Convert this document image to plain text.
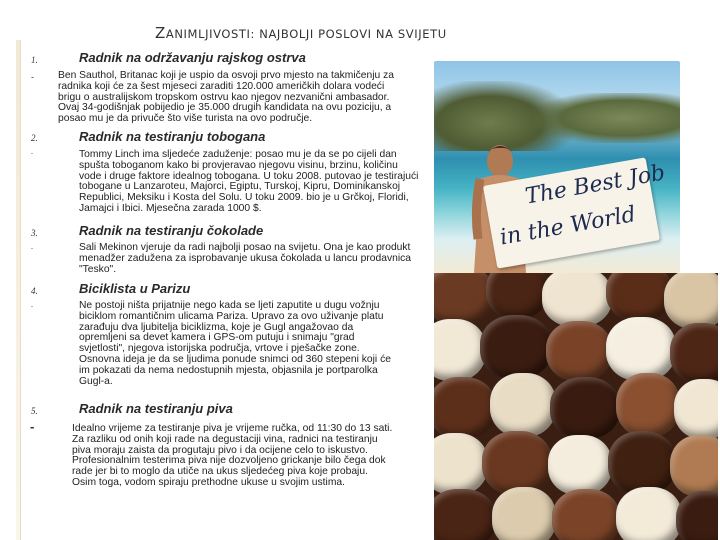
ZANIMLJIVOSTI: NAJBOLJI POSLOVI NA SVIJETU
1.	Radnik na održavanju rajskog ostrva
- Ben Sauthol, Britanac koji je uspio da osvoji prvo mjesto na takmičenju za
radnika koji će za šest mjeseci zaraditi 120.000 američkih dolara vodeći
brigu o australijskom tropskom ostrvu kao njegov nezvanični ambasador.
Ovaj 34-godišnjak pobijedio je 35.000 drugih kandidata na ovu poziciju, a
posao mu je da privuče što više turista na ovo područje.
2.	Radnik na testiranju tobogana
-	Tommy Linch ima sljedeće zaduženje: posao mu je da se po cijeli dan
spušta toboganom kako bi provjeravao njegovu visinu, brzinu, količinu
vode i druge faktore idealnog tobogana. U toku 2008. putovao je testirajući
tobogane u Lanzaroteu, Majorci, Egiptu, Turskoj, Kipru, Dominikanskoj
Republici, Meksiku i Kosta del Solu. U toku 2009. bio je u Grčkoj, Floridi,
Jamajci i Ibici. Mjesečna zarada 1000 $.
3.	Radnik na testiranju čokolade
-	Sali Mekinon vjeruje da radi najbolji posao na svijetu. Ona je kao produkt
menadžer zadužena za isprobavanje ukusa čokolada u lancu prodavnica
"Tesko".
4.	Biciklista u Parizu
-	Ne postoji ništa prijatnije nego kada se ljeti zaputite u dugu vožnju
biciklom romantičnim ulicama Pariza. Upravo za ovo uživanje platu
zarađuju dva ljubitelja biciklizma, koje je Gugl angažovao da
opremljeni sa devet kamera i GPS-om putuju i snimaju "grad
svjetlosti", njegova istorijska područja, vrtove i pješačke zone.
Osnovna ideja je da se ljudima ponude snimci od 360 stepeni koji će
im pokazati da nema nedostupnih mjesta, objasnila je portparolka
Gugl-a.
5.	Radnik na testiranju piva
-	Idealno vrijeme za testiranje piva je vrijeme ručka, od 11:30 do 13 sati.
Za razliku od onih koji rade na degustaciji vina, radnici na testiranju
piva moraju zaista da progutaju pivo i da ocijene celo to iskustvo.
Profesionalnim testerima piva nije dozvoljeno grickanje bilo čega dok
rade jer bi to moglo da utiče na ukus sljedećeg piva koje probaju.
Osim toga, vodom spiraju prethodne ukuse u svojim ustima.
The Best Job
in the World
